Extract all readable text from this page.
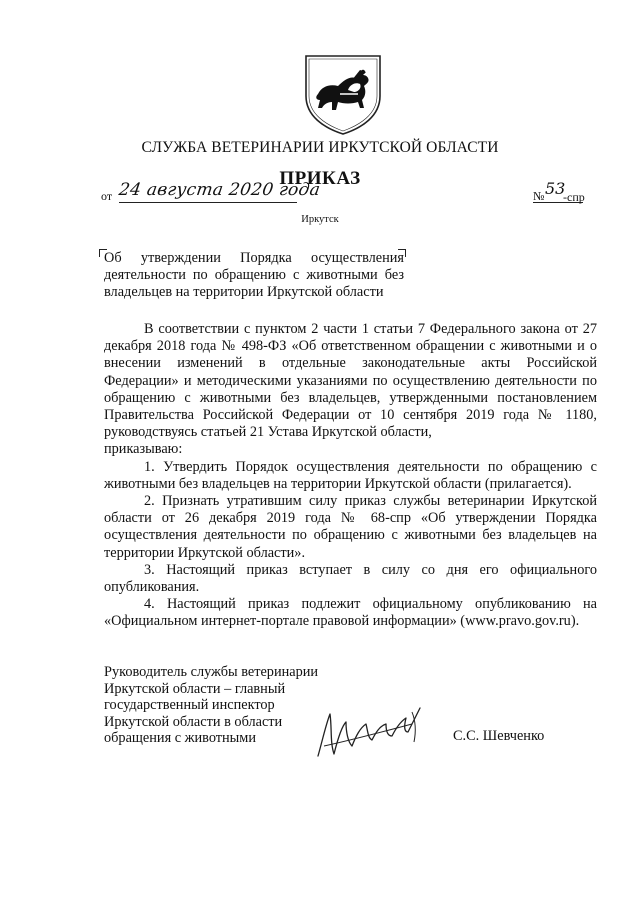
СЛУЖБА ВЕТЕРИНАРИИ ИРКУТСКОЙ ОБЛАСТИ
ПРИКАЗ
от 24 августа 2020 года	№ 53
-спр
Иркутск
Об утверждении Порядка осуществления
деятельности по обращению с животными без
владельцев на территории Иркутской области

В соответствии с пунктом 2 части 1 статьи 7 Федерального закона от 27 декабря 2018 года № 498-ФЗ «Об ответственном обращении с животными и о внесении изменений в отдельные законодательные акты Российской Федерации» и методическими указаниями по осуществлению деятельности по обращению с животными без владельцев, утвержденными постановлением Правительства Российской Федерации от 10 сентября 2019 года № 1180, руководствуясь статьей 21 Устава Иркутской области,

приказываю:

1. Утвердить Порядок осуществления деятельности по обращению с животными без владельцев на территории Иркутской области (прилагается).

2. Признать утратившим силу приказ службы ветеринарии Иркутской области от 26 декабря 2019 года № 68-спр «Об утверждении Порядка осуществления деятельности по обращению с животными без владельцев на территории Иркутской области».

3. Настоящий приказ вступает в силу со дня его официального опубликования.

4. Настоящий приказ подлежит официальному опубликованию на «Официальном интернет-портале правовой информации» (www.pravo.gov.ru).

Руководитель службы ветеринарии
Иркутской области – главный
государственный инспектор
Иркутской области в области
обращения с животными	С.С. Шевченко
